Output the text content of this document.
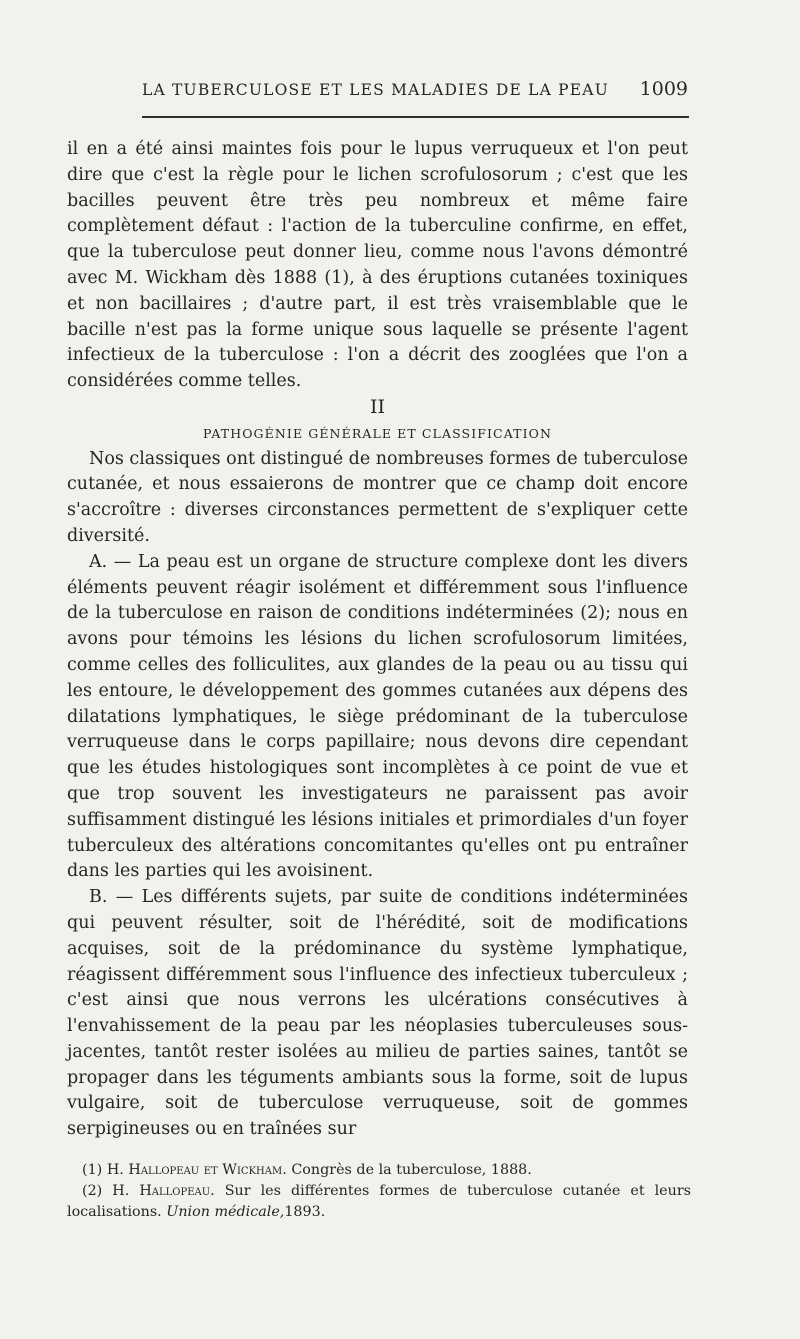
LA TUBERCULOSE ET LES MALADIES DE LA PEAU 1009

il en a été ainsi maintes fois pour le lupus verruqueux et l'on peut dire que c'est la règle pour le lichen scrofulosorum ; c'est que les bacilles peuvent être très peu nombreux et même faire complètement défaut : l'action de la tuberculine confirme, en effet, que la tuberculose peut donner lieu, comme nous l'avons démontré avec M. Wickham dès 1888 (1), à des éruptions cutanées toxiniques et non bacillaires ; d'autre part, il est très vraisemblable que le bacille n'est pas la forme unique sous laquelle se présente l'agent infectieux de la tuberculose : l'on a décrit des zooglées que l'on a considérées comme telles.

II

PATHOGÉNIE GÉNÉRALE ET CLASSIFICATION

Nos classiques ont distingué de nombreuses formes de tuberculose cutanée, et nous essaierons de montrer que ce champ doit encore s'accroître : diverses circonstances permettent de s'expliquer cette diversité.

A. — La peau est un organe de structure complexe dont les divers éléments peuvent réagir isolément et différemment sous l'influence de la tuberculose en raison de conditions indéterminées (2); nous en avons pour témoins les lésions du lichen scrofulosorum limitées, comme celles des folliculites, aux glandes de la peau ou au tissu qui les entoure, le développement des gommes cutanées aux dépens des dilatations lymphatiques, le siège prédominant de la tuberculose verruqueuse dans le corps papillaire; nous devons dire cependant que les études histologiques sont incomplètes à ce point de vue et que trop souvent les investigateurs ne paraissent pas avoir suffisamment distingué les lésions initiales et primordiales d'un foyer tuberculeux des altérations concomitantes qu'elles ont pu entraîner dans les parties qui les avoisinent.

B. — Les différents sujets, par suite de conditions indéterminées qui peuvent résulter, soit de l'hérédité, soit de modifications acquises, soit de la prédominance du système lymphatique, réagissent différemment sous l'influence des infectieux tuberculeux ; c'est ainsi que nous verrons les ulcérations consécutives à l'envahissement de la peau par les néoplasies tuberculeuses sous-jacentes, tantôt rester isolées au milieu de parties saines, tantôt se propager dans les téguments ambiants sous la forme, soit de lupus vulgaire, soit de tuberculose verruqueuse, soit de gommes serpigineuses ou en traînées sur

(1) H. Hallopeau et Wickham. Congrès de la tuberculose, 1888.

(2) H. Hallopeau. Sur les différentes formes de tuberculose cutanée et leurs localisations. Union médicale,1893.
